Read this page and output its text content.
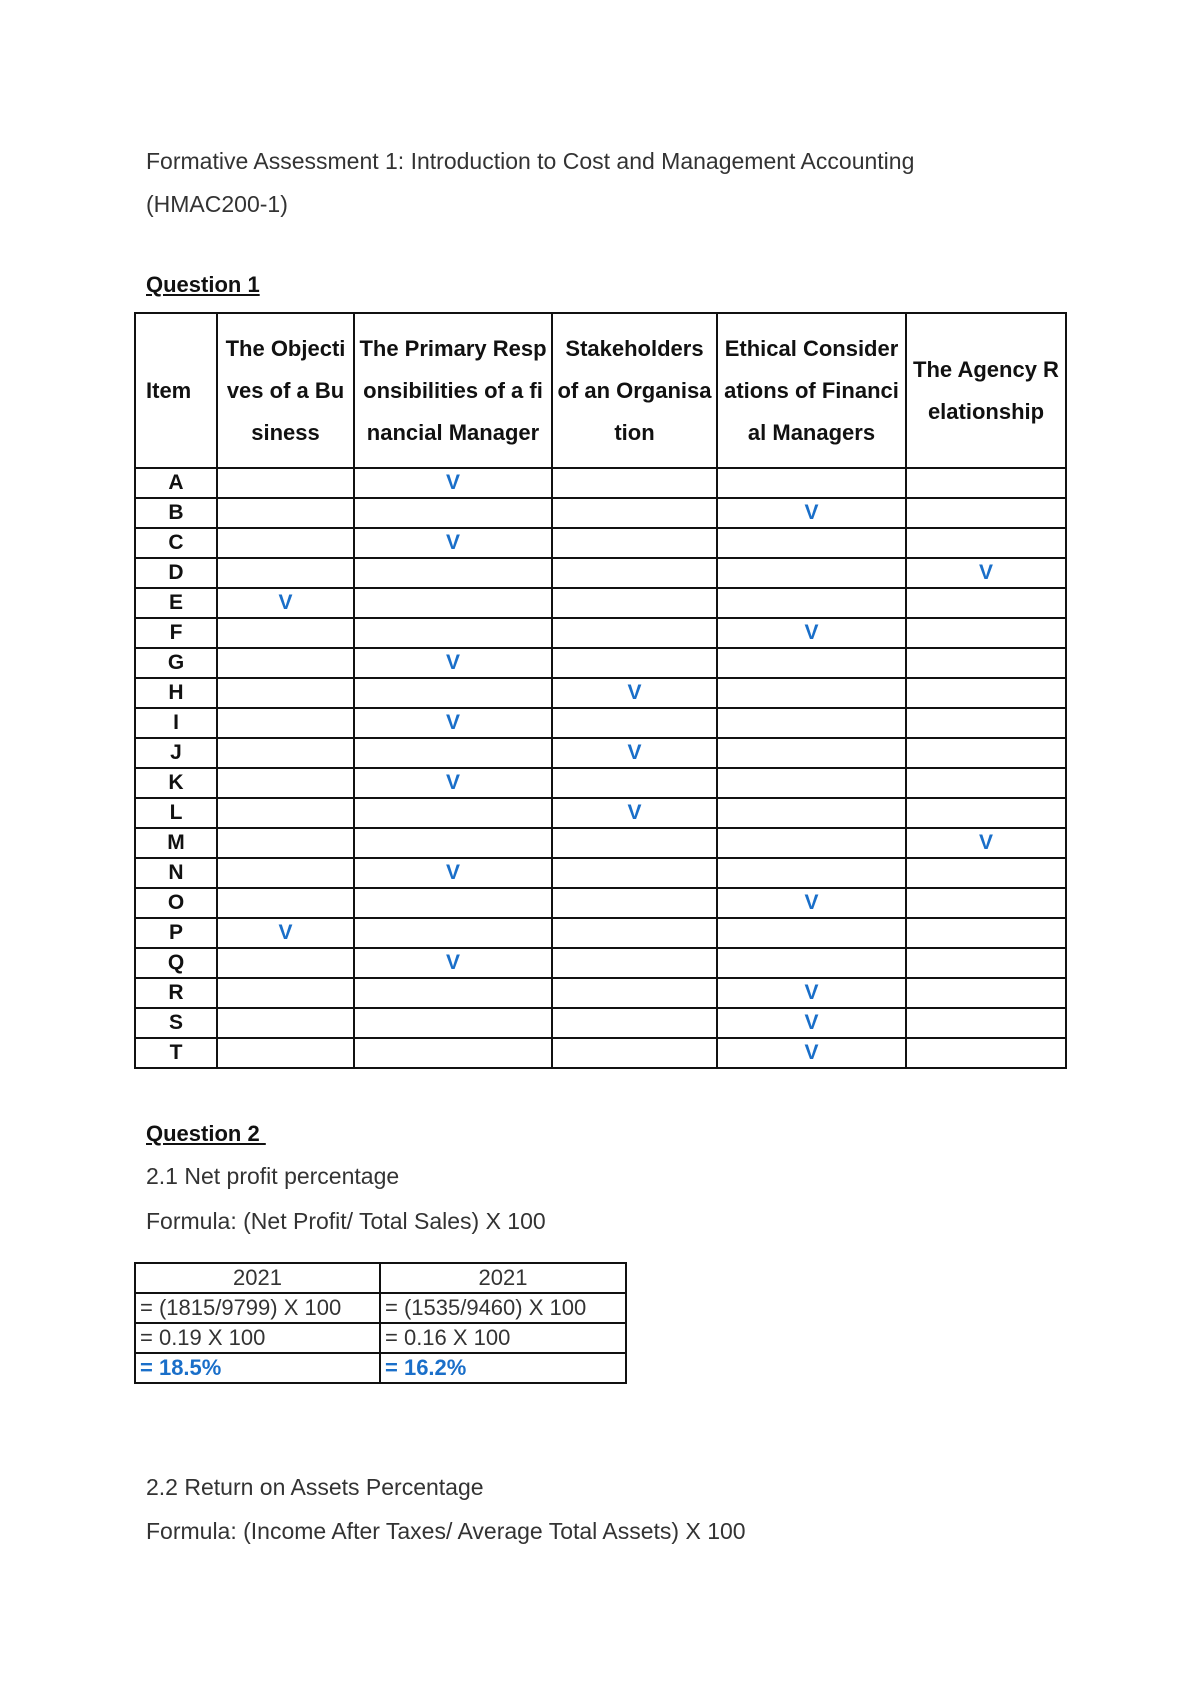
Formative Assessment 1: Introduction to Cost and Management Accounting
(HMAC200-1)
Question 1
Item	The Objectives of a Business	The Primary Responsibilities of a financial Manager	Stakeholders of an Organisation	Ethical Considerations of Financial Managers	The Agency Relationship
A		V			
B				V	
C		V			
D					V
E	V				
F				V	
G		V			
H			V		
I		V			
J			V		
K		V			
L			V		
M					V
N		V			
O				V	
P	V				
Q		V			
R				V	
S				V	
T				V	
Question 2
2.1 Net profit percentage
Formula: (Net Profit/ Total Sales) X 100
2021	2021
= (1815/9799) X 100	= (1535/9460) X 100
= 0.19 X 100	= 0.16 X 100
= 18.5%	= 16.2%
2.2 Return on Assets Percentage
Formula: (Income After Taxes/ Average Total Assets) X 100
